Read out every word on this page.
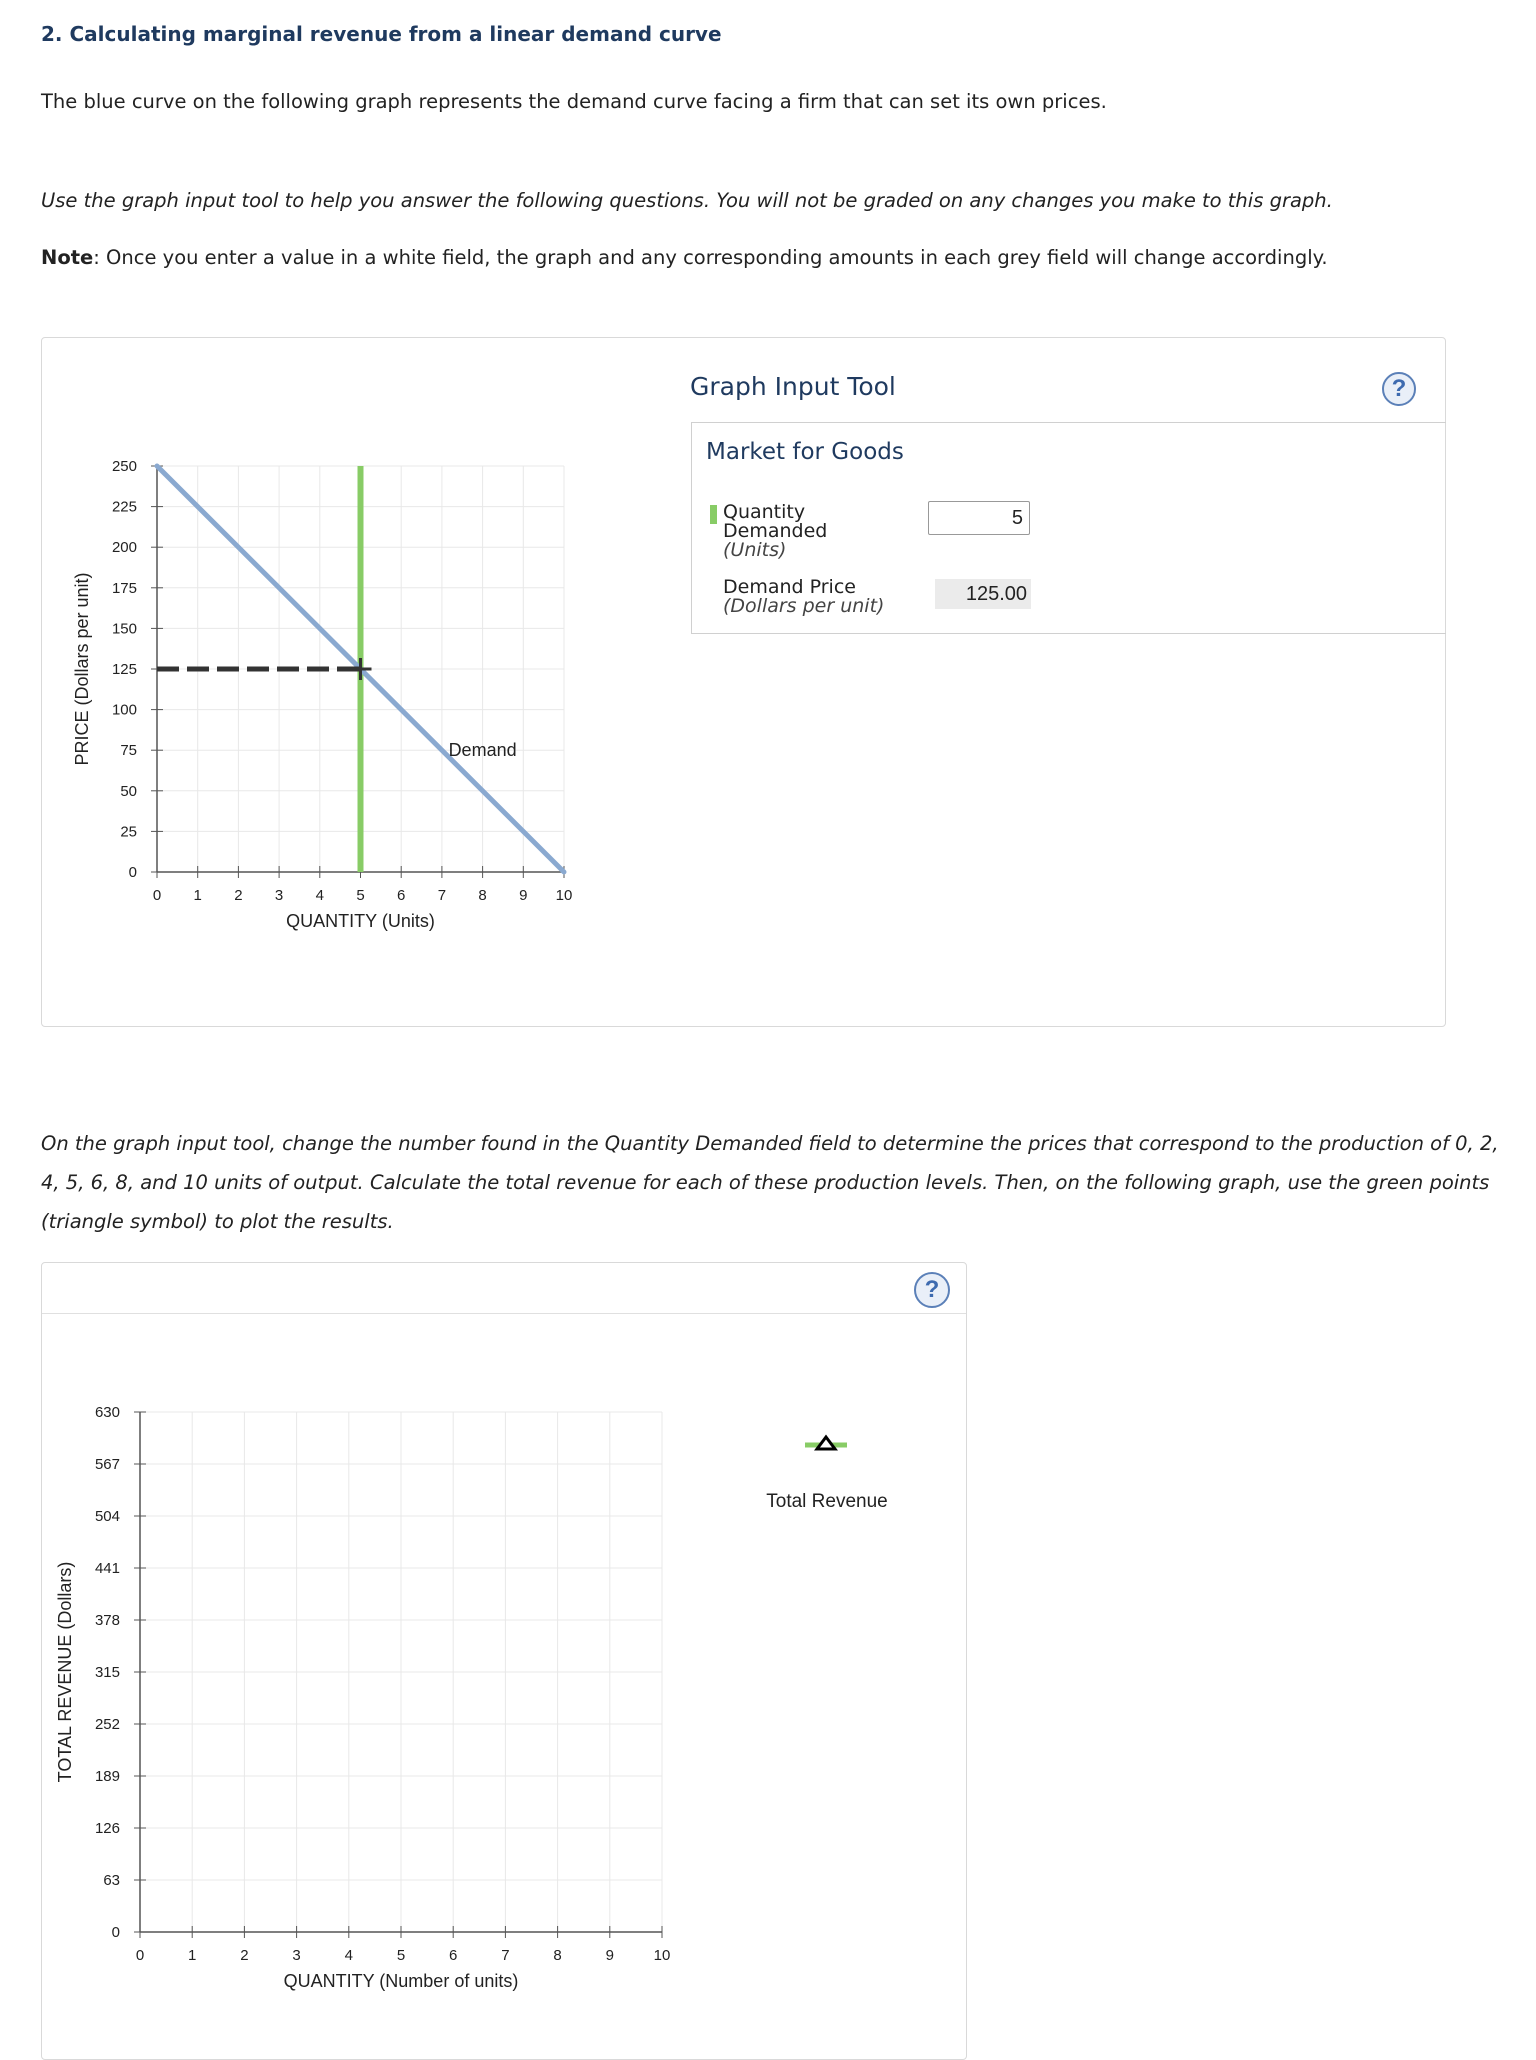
2. Calculating marginal revenue from a linear demand curve

The blue curve on the following graph represents the demand curve facing a firm that can set its own prices.

Use the graph input tool to help you answer the following questions. You will not be graded on any changes you make to this graph.

Note: Once you enter a value in a white field, the graph and any corresponding amounts in each grey field will change accordingly.

Demand
0
25
50
75
100
125
150
175
200
225
250
0 1 2 3 4 5 6 7 8 9 10
QUANTITY (Units)
PRICE (Dollars per unit)
Graph Input Tool	?
Market for Goods
Quantity
Demanded
(Units)
5
Demand Price
(Dollars per unit)
125.00

On the graph input tool, change the number found in the Quantity Demanded field to determine the prices that correspond to the production of 0, 2,

4, 5, 6, 8, and 10 units of output. Calculate the total revenue for each of these production levels. Then, on the following graph, use the green points

(triangle symbol) to plot the results.

?
0
63
126
189
252
315
378
441
504
567
630
0	1	2	3	4	5	6	7	8	9	10
QUANTITY (Number of units)
TOTAL REVENUE (Dollars)
Total Revenue
